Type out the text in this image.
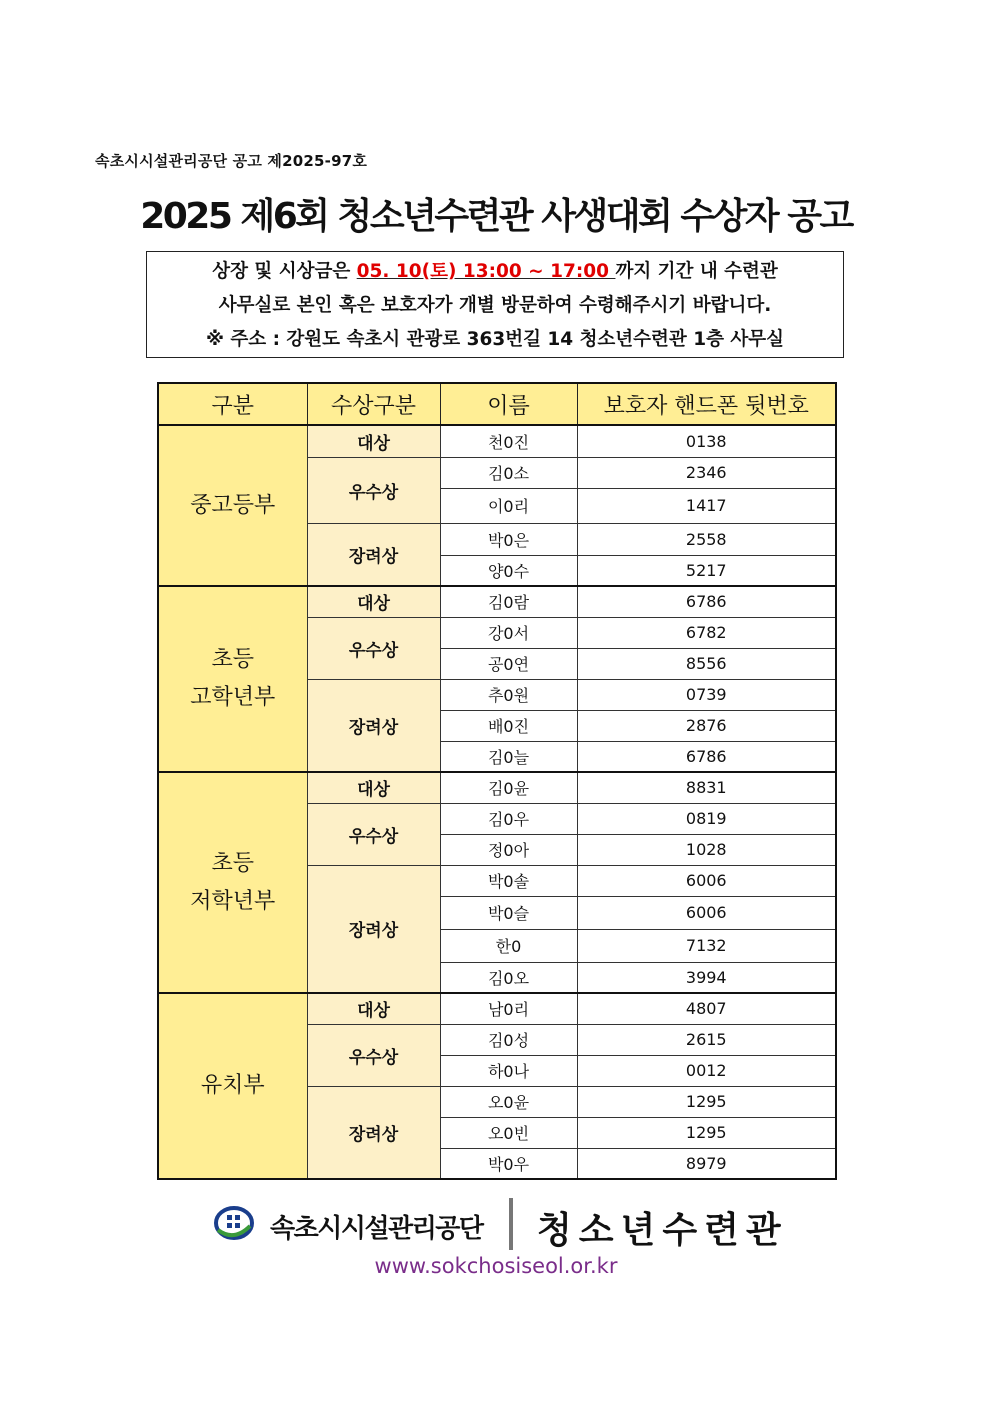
속초시시설관리공단 공고 제2025-97호
2025 제6회 청소년수련관 사생대회 수상자 공고
상장 및 시상금은 05. 10(토) 13:00 ~ 17:00 까지 기간 내 수련관
사무실로 본인 혹은 보호자가 개별 방문하여 수령해주시기 바랍니다.
※ 주소 : 강원도 속초시 관광로 363번길 14 청소년수련관 1층 사무실
구분	수상구분	이름	보호자 핸드폰 뒷번호
중고등부	대상	천0진	0138
	우수상	김0소	2346
		이0리	1417
	장려상	박0은	2558
		양0수	5217

초등
고학년부	대상	김0람	6786
	우수상	강0서	6782
		공0연	8556
	장려상	추0원	0739
		배0진	2876
		김0늘	6786

초등
저학년부	대상	김0윤	8831
	우수상	김0우	0819
		정0아	1028
	장려상	박0솔	6006
		박0슬	6006
		한0	7132
		김0오	3994
유치부	대상	남0리	4807
	우수상	김0성	2615
		하0나	0012
	장려상	오0윤	1295
		오0빈	1295
		박0우	8979
속초시시설관리공단 청소년수련관
www.sokchosiseol.or.kr
